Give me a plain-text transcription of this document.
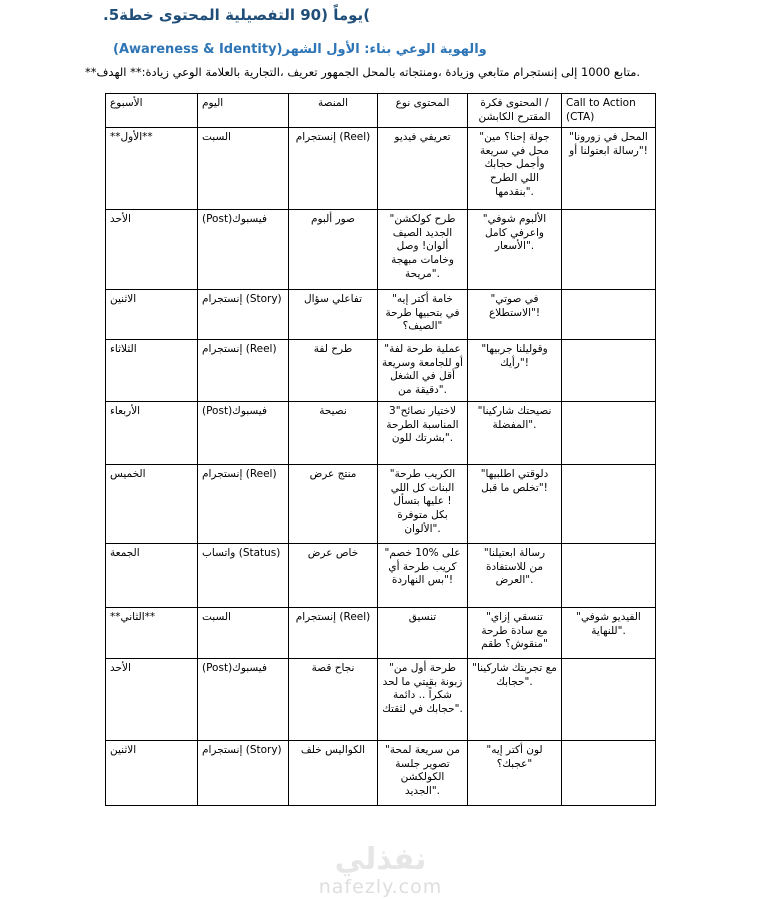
.5خطة المحتوى التفصيلية 90) يوماً(
(Awareness & Identity)الشهر الأول :بناء الوعي والهوية
**الهدف **:زيادة الوعي بالعلامة التجارية، تعريف الجمهور بالمحل ومنتجاته، وزيادة متابعي إنستجرام إلى 1000 متابع.
الأسبوع	اليوم	المنصة	نوع المحتوى	فكرة المحتوى / الكابشن المقترح	Call to Action (CTA)
**الأول**	السبت	إنستجرام (Reel)	فيديو تعريفي	"مين إحنا؟ جولة سريعة في محل حجابك وأجمل الطرح اللي بنقدمها".	"زورونا في المحل أو ابعتولنا رسالة"!
الأحد	(Post)فيسبوك	ألبوم صور	"كولكشن طرح الصيف الجديد وصل !ألوان مبهجة وخامات مريحة".	"شوفي الألبوم كامل واعرفي الأسعار".	
الاثنين	إنستجرام (Story)	سؤال تفاعلي	"إيه أكتر خامة طرحة بتحبيها في الصيف؟"	"صوتي في الاستطلاع"!	
الثلاثاء	إنستجرام (Reel)	لفة طرح	"لفة طرحة عملية وسريعة للجامعة أو الشغل في أقل من دقيقة".	"جربيها وقوليلنا رأيك"!	
الأربعاء	(Post)فيسبوك	نصيحة	3"نصائح لاختيار الطرحة المناسبة للون بشرتك".	"شاركينا نصيحتك المفضلة".	
الخميس	إنستجرام (Reel)	عرض منتج	"طرحة الكريب اللي كل البنات بتسأل عليها ! متوفرة بكل الألوان".	"اطلبيها دلوقتي قبل ما تخلص"!	
الجمعة	واتساب (Status)	عرض خاص	"خصم 10% على أي طرحة كريب النهاردة بس"!	"ابعتيلنا رسالة للاستفادة من العرض".	
**الثاني**	السبت	إنستجرام (Reel)	تنسيق	"إزاي تنسقي طرحة سادة مع طقم منقوش؟"	"شوفي الفيديو للنهاية".
الأحد	(Post)فيسبوك	قصة نجاح	"من أول طرحة لحد ما بقيتي زبونة دائمة .. شكراً لثقتك في حجابك".	"شاركينا تجربتك مع حجابك".	
الاثنين	إنستجرام (Story)	خلف الكواليس	"لمحة سريعة من جلسة تصوير الكولكشن الجديد".	"إيه أكتر لون عجبك؟"	
نفذلي
nafezly.com
